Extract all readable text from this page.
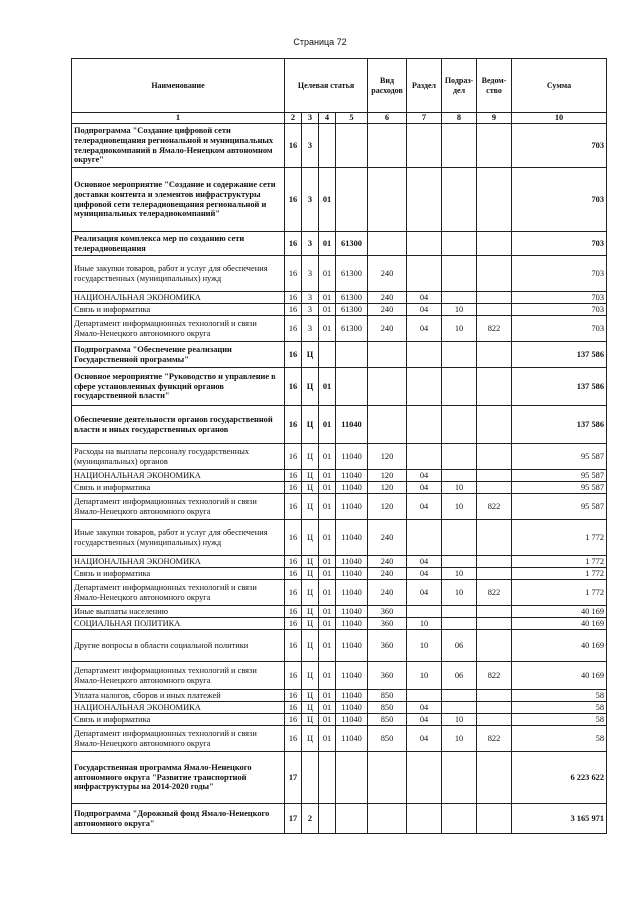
Страница 72
Наименование	Целевая статья				Вид расходов	Раздел	Подраз-дел	Ведом-ство	Сумма
1	2	3	4	5	6	7	8	9	10
Подпрограмма "Создание цифровой сети телерадиовещания региональной и муниципальных телерадиокомпаний в Ямало-Ненецком автономном округе"	16	3							703
Основное мероприятие "Создание и содержание сети доставки контента и элементов инфраструктуры цифровой сети телерадиовещания региональной и муниципальных телерадиокомпаний"	16	3	01						703
Реализация комплекса мер по созданию сети телерадиовещания	16	3	01	61300					703
Иные закупки товаров, работ и услуг для обеспечения государственных (муниципальных) нужд	16	3	01	61300	240				703
НАЦИОНАЛЬНАЯ ЭКОНОМИКА	16	3	01	61300	240	04			703
Связь и информатика	16	3	01	61300	240	04	10		703
Департамент информационных технологий и связи Ямало-Ненецкого автономного округа	16	3	01	61300	240	04	10	822	703
Подпрограмма "Обеспечение реализации Государственной программы"	16	Ц							137 586
Основное мероприятие "Руководство и управление в сфере установленных функций органов государственной власти"	16	Ц	01						137 586
Обеспечение деятельности органов государственной власти и иных государственных органов	16	Ц	01	11040					137 586
Расходы на выплаты персоналу государственных (муниципальных) органов	16	Ц	01	11040	120				95 587
НАЦИОНАЛЬНАЯ ЭКОНОМИКА	16	Ц	01	11040	120	04			95 587
Связь и информатика	16	Ц	01	11040	120	04	10		95 587
Департамент информационных технологий и связи Ямало-Ненецкого автономного округа	16	Ц	01	11040	120	04	10	822	95 587
Иные закупки товаров, работ и услуг для обеспечения государственных (муниципальных) нужд	16	Ц	01	11040	240				1 772
НАЦИОНАЛЬНАЯ ЭКОНОМИКА	16	Ц	01	11040	240	04			1 772
Связь и информатика	16	Ц	01	11040	240	04	10		1 772
Департамент информационных технологий и связи Ямало-Ненецкого автономного округа	16	Ц	01	11040	240	04	10	822	1 772
Иные выплаты населению	16	Ц	01	11040	360				40 169
СОЦИАЛЬНАЯ ПОЛИТИКА	16	Ц	01	11040	360	10			40 169
Другие вопросы в области социальной политики	16	Ц	01	11040	360	10	06		40 169
Департамент информационных технологий и связи Ямало-Ненецкого автономного округа	16	Ц	01	11040	360	10	06	822	40 169
Уплата налогов, сборов и иных платежей	16	Ц	01	11040	850				58
НАЦИОНАЛЬНАЯ ЭКОНОМИКА	16	Ц	01	11040	850	04			58
Связь и информатика	16	Ц	01	11040	850	04	10		58
Департамент информационных технологий и связи Ямало-Ненецкого автономного округа	16	Ц	01	11040	850	04	10	822	58
Государственная программа Ямало-Ненецкого автономного округа "Развитие транспортной инфраструктуры на 2014-2020 годы"	17								6 223 622
Подпрограмма "Дорожный фонд Ямало-Ненецкого автономного округа"	17	2							3 165 971
